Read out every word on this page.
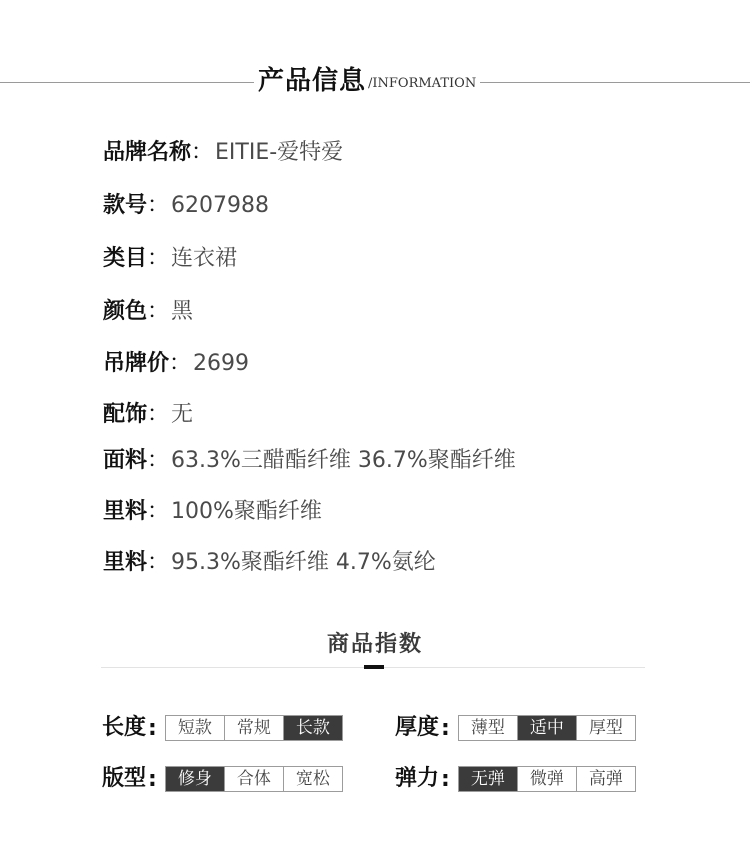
产品信息 /INFORMATION
品牌名称：EITIE-爱特爱
款号：6207988
类目：连衣裙
颜色：黑
吊牌价：2699
配饰：无
面料：63.3%三醋酯纤维 36.7%聚酯纤维
里料：100%聚酯纤维
里料：95.3%聚酯纤维 4.7%氨纶
商品指数
长度 :	短款	常规	长款	厚度 :	薄型	适中	厚型
版型 :	修身	合体	宽松	弹力 :	无弹	微弹	高弹
